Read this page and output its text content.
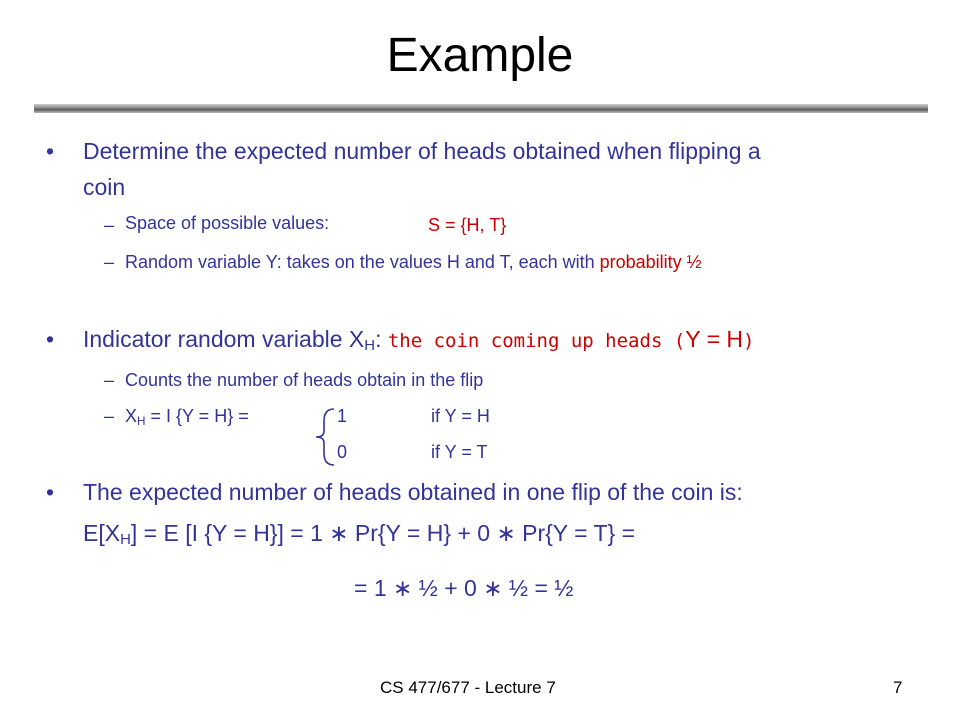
Example
• Determine the expected number of heads obtained when flipping a
coin
– Space of possible values:	S = {H, T}
– Random variable Y: takes on the values H and T, each with probability ½
• Indicator random variable $X_H$: the coin coming up heads (Y = H)
– Counts the number of heads obtain in the flip
– $X_H = I$ {Y = H} =	1	if Y = H
0	if Y = T
• The expected number of heads obtained in one flip of the coin is:
$E[X_H] = E$ [I {Y = H}] = 1 ∗ Pr{Y = H} + 0 ∗ Pr{Y = T} =
= 1 ∗ ½ + 0 ∗ ½ = ½
CS 477/677 - Lecture 7	7
